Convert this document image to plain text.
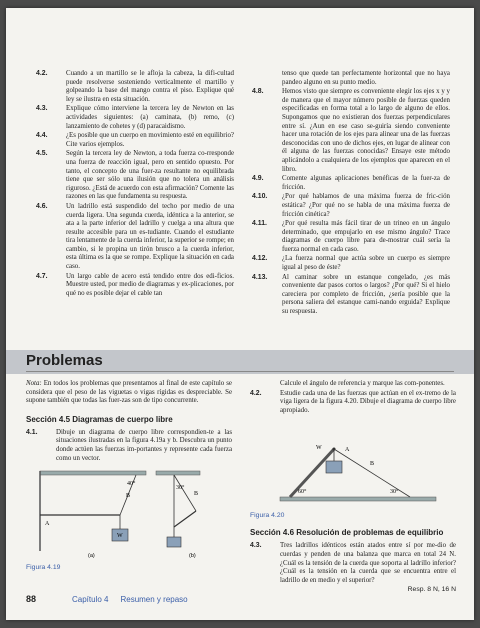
4.2.	Cuando a un martillo se le afloja la cabeza, la difi-cultad puede resolverse sosteniendo verticalmente el martillo y golpeando la base del mango contra el piso. Explique qué ley se ilustra en esta situación.
4.3.	Explique cómo interviene la tercera ley de Newton en las actividades siguientes: (a) caminata, (b) remo, (c) lanzamiento de cohetes y (d) paracaidismo.
4.4.	¿Es posible que un cuerpo en movimiento esté en equilibrio? Cite varios ejemplos.
4.5.	Según la tercera ley de Newton, a toda fuerza co-rresponde una fuerza de reacción igual, pero en sentido opuesto. Por tanto, el concepto de una fuer-za resultante no equilibrada tiene que ser sólo una ilusión que no tolera un análisis riguroso. ¿Está de acuerdo con esta afirmación? Comente las razones en las que fundamenta su respuesta.
4.6.	Un ladrillo está suspendido del techo por medio de una cuerda ligera. Una segunda cuerda, idéntica a la anterior, se ata a la parte inferior del ladrillo y cuelga a una altura que resulte accesible para un es-tudiante. Cuando el estudiante tira lentamente de la cuerda inferior, la superior se rompe; en cambio, si le propina un tirón brusco a la cuerda inferior, esta última es la que se rompe. Explique la situación en cada caso.
4.7.	Un largo cable de acero está tendido entre dos edi-ficios. Muestre usted, por medio de diagramas y ex-plicaciones, por qué no es posible dejar el cable tan
tenso que quede tan perfectamente horizontal que no haya pandeo alguno en su punto medio.
4.8.	Hemos visto que siempre es conveniente elegir los ejes x y y de manera que el mayor número posible de fuerzas queden especificadas en forma total a lo largo de alguno de ellos. Supongamos que no existieran dos fuerzas perpendiculares entre sí. ¿Aun en ese caso se-guiría siendo conveniente hacer una rotación de los ejes para alinear una de las fuerzas desconocidas con uno de dichos ejes, en lugar de alinear con él alguna de las fuerzas conocidas? Ensaye este método aplicándolo a cualquiera de los ejemplos que aparecen en el libro.
4.9.	Comente algunas aplicaciones benéficas de la fuer-za de fricción.
4.10. ¿Por qué hablamos de una máxima fuerza de fric-ción estática? ¿Por qué no se habla de una máxima fuerza de fricción cinética?
4.11. ¿Por qué resulta más fácil tirar de un trineo en un ángulo determinado, que empujarlo en ese mismo ángulo? Trace diagramas de cuerpo libre para de-mostrar cuál sería la fuerza normal en cada caso.
4.12. ¿La fuerza normal que actúa sobre un cuerpo es siempre igual al peso de éste?
4.13. Al caminar sobre un estanque congelado, ¿es más conveniente dar pasos cortos o largos? ¿Por qué? Si el hielo careciera por completo de fricción, ¿sería posible que la persona saliera del estanque cami-nando erguida? Explique su respuesta.
Problemas
Nota: En todos los problemas que presentamos al final de este capítulo se considera que el peso de las viguetas o vigas rígidas es despreciable. Se supone también que todas las fuer-zas son de tipo concurrente.
Sección 4.5 Diagramas de cuerpo libre
4.1.	Dibuje un diagrama de cuerpo libre correspondien-te a las situaciones ilustradas en la figura 4.19a y b. Descubra un punto donde actúen las fuerzas im-portantes y represente cada fuerza como un vector.
40°
A
B
W
(a)
30°
B
(b)
Figura 4.19
Calcule el ángulo de referencia y marque las com-ponentes.
4.2.	Estudie cada una de las fuerzas que actúan en el ex-tremo de la viga ligera de la figura 4.20. Dibuje el diagrama de cuerpo libre apropiado.
W	A
B
60°	30°
Figura 4.20
Sección 4.6 Resolución de problemas de equilibrio
4.3.	Tres ladrillos idénticos están atados entre sí por me-dio de cuerdas y penden de una balanza que marca en total 24 N. ¿Cuál es la tensión de la cuerda que soporta al ladrillo inferior? ¿Cuál es la tensión en la cuerda que se encuentra entre el ladrillo de en medio y el superior?
Resp. 8 N, 16 N
88	Capítulo 4 Resumen y repaso
